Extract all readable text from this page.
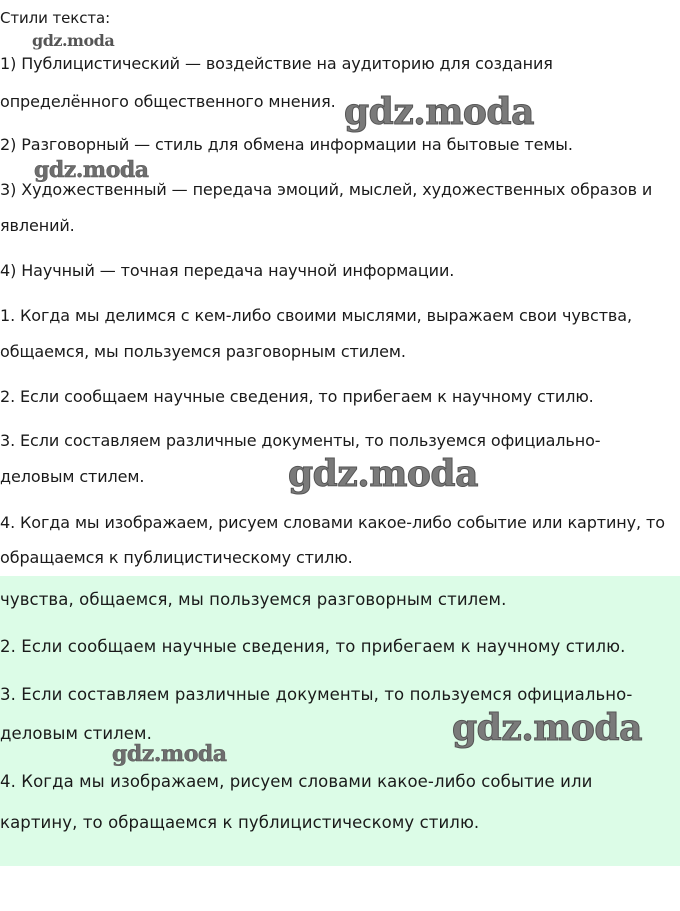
Стили текста:
gdz.moda
1) Публицистический — воздействие на аудиторию для создания
определённого общественного мнения.
2) Разговорный — стиль для обмена информации на бытовые темы.
3) Художественный — передача эмоций, мыслей, художественных образов и
явлений.
4) Научный — точная передача научной информации.
gdz.moda
gdz.moda
1. Когда мы делимся с кем-либо своими мыслями, выражаем свои чувства,
общаемся, мы пользуемся разговорным стилем.
2. Если сообщаем научные сведения, то прибегаем к научному стилю.
3. Если составляем различные документы, то пользуемся официально-
деловым стилем.
4. Когда мы изображаем, рисуем словами какое-либо событие или картину, то
обращаемся к публицистическому стилю.
gdz.moda
чувства, общаемся, мы пользуемся разговорным стилем.
2. Если сообщаем научные сведения, то прибегаем к научному стилю.
3. Если составляем различные документы, то пользуемся официально-
деловым стилем.
4. Когда мы изображаем, рисуем словами какое-либо событие или
картину, то обращаемся к публицистическому стилю.
gdz.moda
gdz.moda
